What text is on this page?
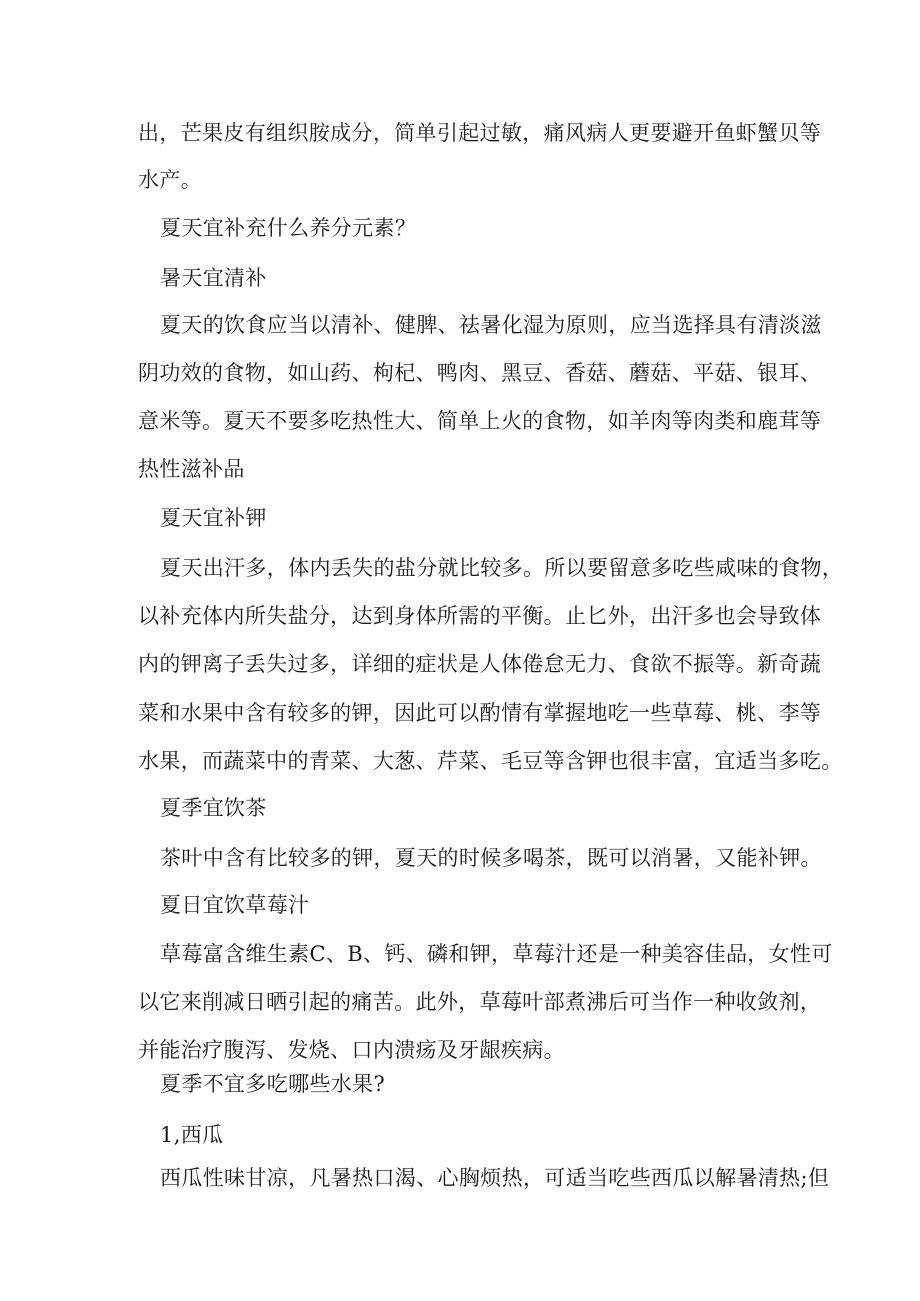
出，芒果皮有组织胺成分，简单引起过敏，痛风病人更要避开鱼虾蟹贝等
水产。
夏天宜补充什么养分元素？
暑天宜清补
夏天的饮食应当以清补、健脾、祛暑化湿为原则，应当选择具有清淡滋
阴功效的食物，如山药、枸杞、鸭肉、黑豆、香菇、蘑菇、平菇、银耳、
意米等。夏天不要多吃热性大、简单上火的食物，如羊肉等肉类和鹿茸等
热性滋补品
夏天宜补钾
夏天出汗多，体内丢失的盐分就比较多。所以要留意多吃些咸味的食物，
以补充体内所失盐分，达到身体所需的平衡。止匕外，出汗多也会导致体
内的钾离子丢失过多，详细的症状是人体倦怠无力、食欲不振等。新奇蔬
菜和水果中含有较多的钾，因此可以酌情有掌握地吃一些草莓、桃、李等
水果，而蔬菜中的青菜、大葱、芹菜、毛豆等含钾也很丰富，宜适当多吃。
夏季宜饮茶
茶叶中含有比较多的钾，夏天的时候多喝茶，既可以消暑，又能补钾。
夏日宜饮草莓汁
草莓富含维生素C、B、钙、磷和钾，草莓汁还是一种美容佳品，女性可
以它来削减日晒引起的痛苦。此外，草莓叶部煮沸后可当作一种收敛剂，
并能治疗腹泻、发烧、口内溃疡及牙龈疾病。
夏季不宜多吃哪些水果?
1,西瓜
西瓜性味甘凉，凡暑热口渴、心胸烦热，可适当吃些西瓜以解暑清热;但
